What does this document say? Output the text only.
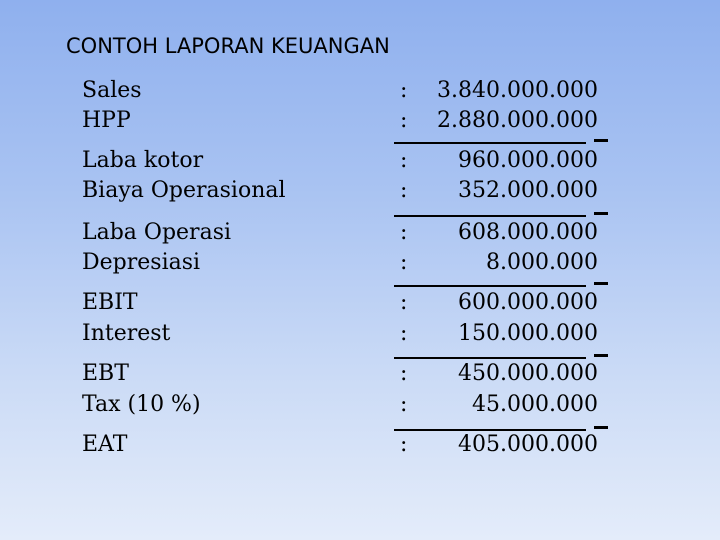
CONTOH LAPORAN KEUANGAN
Sales	: 3.840.000.000
HPP	: 2.880.000.000
Laba kotor	: 960.000.000
Biaya Operasional	: 352.000.000
Laba Operasi	: 608.000.000
Depresiasi	:	8.000.000
EBIT	: 600.000.000
Interest	: 150.000.000
EBT	: 450.000.000
Tax (10 %)	:	45.000.000
EAT	: 405.000.000
